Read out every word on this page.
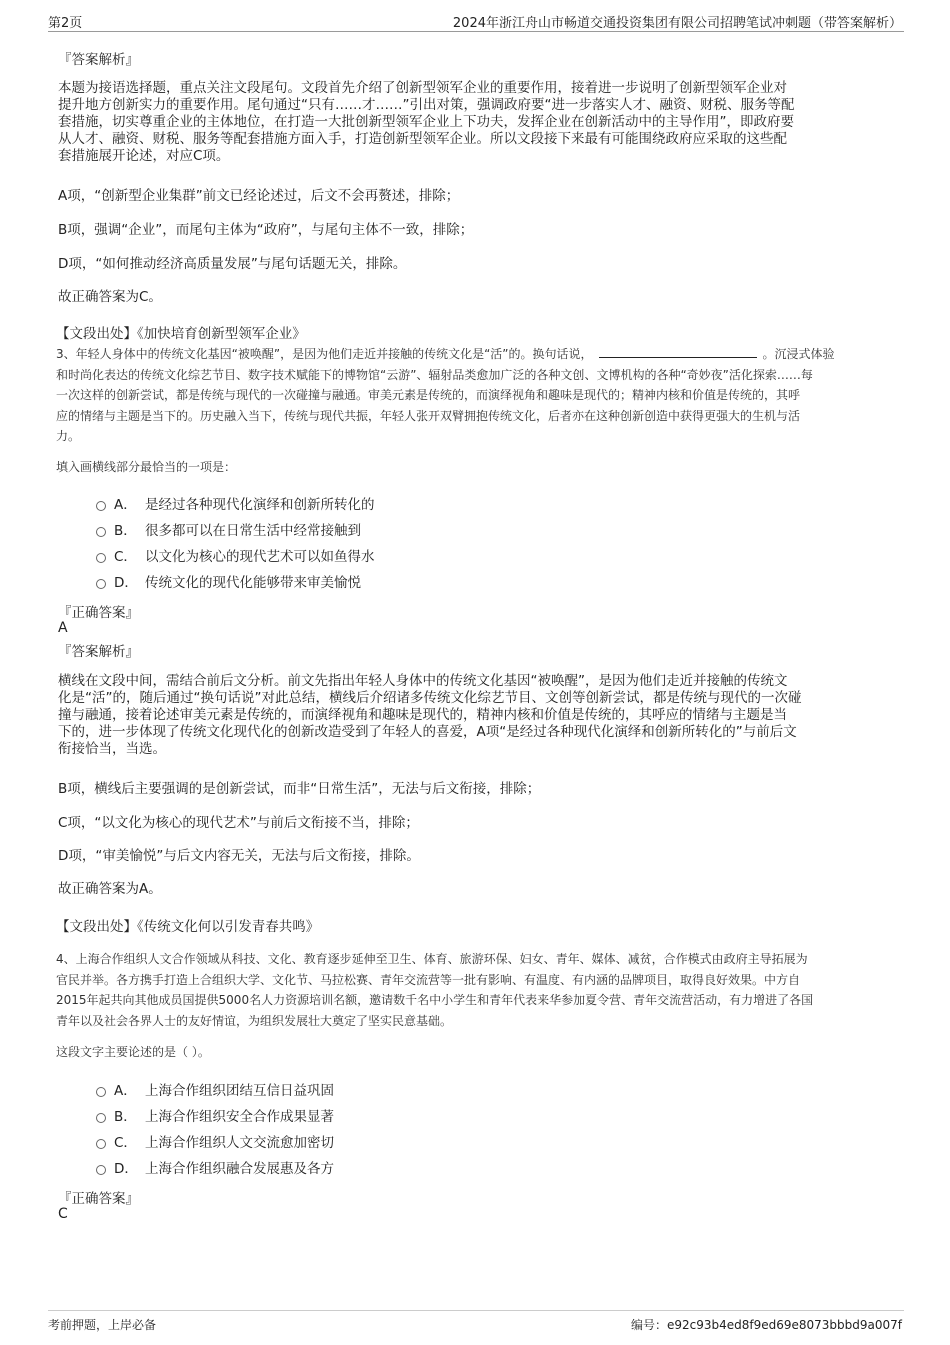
第2页	2024年浙江舟山市畅道交通投资集团有限公司招聘笔试冲刺题（带答案解析）
『答案解析』
本题为接语选择题，重点关注文段尾句。文段首先介绍了创新型领军企业的重要作用，接着进一步说明了创新型领军企业对
提升地方创新实力的重要作用。尾句通过“只有……才……”引出对策，强调政府要“进一步落实人才、融资、财税、服务等配
套措施，切实尊重企业的主体地位，在打造一大批创新型领军企业上下功夫，发挥企业在创新活动中的主导作用”，即政府要
从人才、融资、财税、服务等配套措施方面入手，打造创新型领军企业。所以文段接下来最有可能围绕政府应采取的这些配
套措施展开论述，对应C项。
A项，“创新型企业集群”前文已经论述过，后文不会再赘述，排除；
B项，强调“企业”，而尾句主体为“政府”，与尾句主体不一致，排除；
D项，“如何推动经济高质量发展”与尾句话题无关，排除。
故正确答案为C。
【文段出处】《加快培育创新型领军企业》
3、年轻人身体中的传统文化基因“被唤醒”，是因为他们走近并接触的传统文化是“活”的。换句话说，	。沉浸式体验
和时尚化表达的传统文化综艺节目、数字技术赋能下的博物馆“云游”、辐射品类愈加广泛的各种文创、文博机构的各种“奇妙夜”活化探索……每
一次这样的创新尝试，都是传统与现代的一次碰撞与融通。审美元素是传统的，而演绎视角和趣味是现代的；精神内核和价值是传统的，其呼
应的情绪与主题是当下的。历史融入当下，传统与现代共振，年轻人张开双臂拥抱传统文化，后者亦在这种创新创造中获得更强大的生机与活
力。
填入画横线部分最恰当的一项是：
A． 是经过各种现代化演绎和创新所转化的
B． 很多都可以在日常生活中经常接触到
C． 以文化为核心的现代艺术可以如鱼得水
D． 传统文化的现代化能够带来审美愉悦
『正确答案』
A
『答案解析』
横线在文段中间，需结合前后文分析。前文先指出年轻人身体中的传统文化基因“被唤醒”，是因为他们走近并接触的传统文
化是“活”的，随后通过“换句话说”对此总结，横线后介绍诸多传统文化综艺节目、文创等创新尝试，都是传统与现代的一次碰
撞与融通，接着论述审美元素是传统的，而演绎视角和趣味是现代的，精神内核和价值是传统的，其呼应的情绪与主题是当
下的，进一步体现了传统文化现代化的创新改造受到了年轻人的喜爱，A项“是经过各种现代化演绎和创新所转化的”与前后文
衔接恰当，当选。
B项，横线后主要强调的是创新尝试，而非“日常生活”，无法与后文衔接，排除；
C项，“以文化为核心的现代艺术”与前后文衔接不当，排除；
D项，“审美愉悦”与后文内容无关，无法与后文衔接，排除。
故正确答案为A。
【文段出处】《传统文化何以引发青春共鸣》
4、上海合作组织人文合作领域从科技、文化、教育逐步延伸至卫生、体育、旅游环保、妇女、青年、媒体、减贫，合作模式由政府主导拓展为
官民并举。各方携手打造上合组织大学、文化节、马拉松赛、青年交流营等一批有影响、有温度、有内涵的品牌项目，取得良好效果。中方自
2015年起共向其他成员国提供5000名人力资源培训名额，邀请数千名中小学生和青年代表来华参加夏令营、青年交流营活动，有力增进了各国
青年以及社会各界人士的友好情谊，为组织发展壮大奠定了坚实民意基础。
这段文字主要论述的是（ ）。
A． 上海合作组织团结互信日益巩固
B． 上海合作组织安全合作成果显著
C． 上海合作组织人文交流愈加密切
D． 上海合作组织融合发展惠及各方
『正确答案』
C
考前押题，上岸必备	编号：e92c93b4ed8f9ed69e8073bbbd9a007f
